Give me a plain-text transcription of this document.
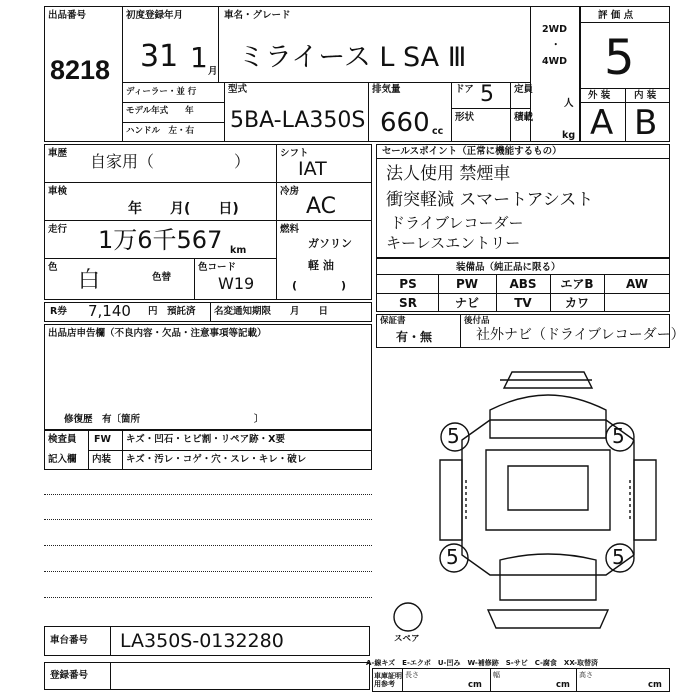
出品番号
8218
初度登録年月
31 1 月
車名・グレード
ミライース L SA Ⅲ
ディーラー・並 行
モデル年式　　年
ハンドル　左・右
型式
5BA-LA350S
排気量
660 cc
ドア 5 定員
人
形状	積載
kg
2WD
・
4WD
評 価 点
5
外 装 内 装
A B
車歴 自家用（　　　　　）
車検
年　　月(　　日)
走行 1万6千567 km
色
白	色替
シフト
IAT
冷房
AC
燃料
ガソリン
軽 油
(　　　　)
色コード
W19
R券 7,140 円　預託済 名変通知期限　　月　　日
出品店申告欄（不良内容・欠品・注意事項等記載）
修復歴　有〔箇所　　　　　　　　　　　　〕
検査員
記入欄
FW キズ・凹石・ヒビ割・リペア跡・X要
内装 キズ・汚レ・コゲ・穴・スレ・キレ・破レ
セールスポイント（正常に機能するもの）
法人使用 禁煙車
衝突軽減 スマートアシスト
ドライブレコーダー
キーレスエントリー
装備品（純正品に限る）
PS	PW	ABS	エアB	AW
SR	ナビ	TV	カワ
保証書
有・無
後付品
社外ナビ（ドライブレコーダー）
5	5
5	5
スペア
車台番号 LA350S-0132280
登録番号
A-線キズ　E-エクボ　U-凹み　W-補修跡　S-サビ　C-腐食　XX-取替済
車庫証明用参考
長さ
cm
幅
cm
高さ
cm
